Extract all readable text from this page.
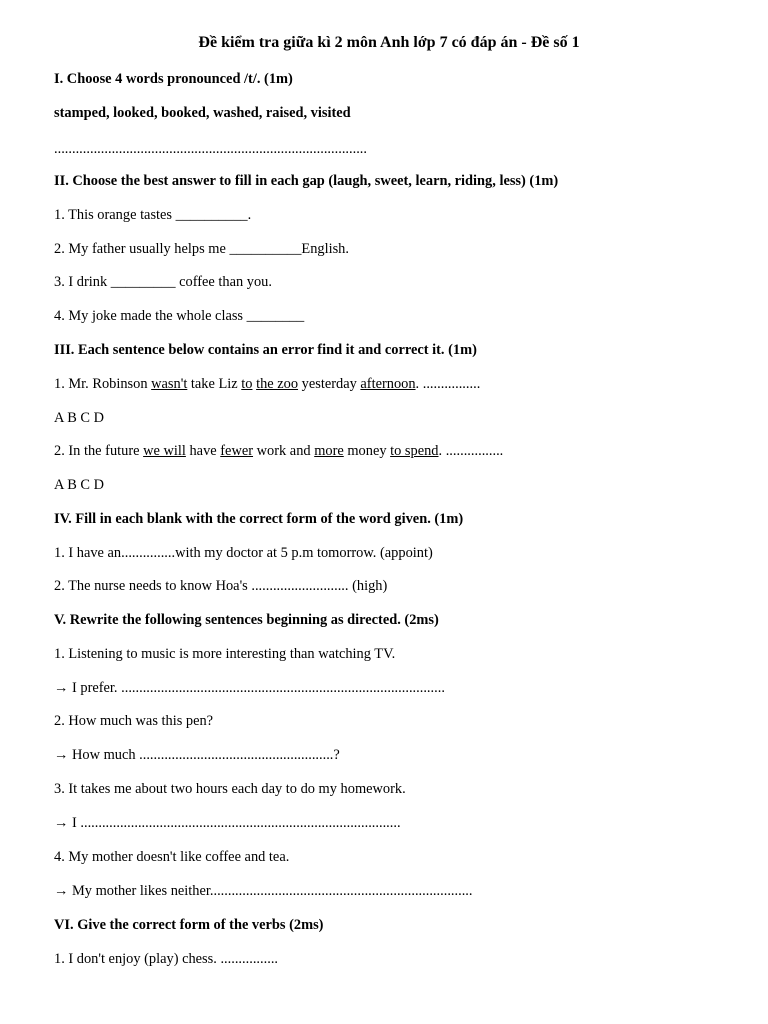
Đề kiểm tra giữa kì 2 môn Anh lớp 7 có đáp án - Đề số 1
I. Choose 4 words pronounced /t/. (1m)
stamped, looked, booked, washed, raised, visited
.......................................................................................
II. Choose the best answer to fill in each gap (laugh, sweet, learn, riding, less) (1m)
1. This orange tastes __________.
2. My father usually helps me __________English.
3. I drink _________ coffee than you.
4. My joke made the whole class ________
III. Each sentence below contains an error find it and correct it. (1m)
1. Mr. Robinson wasn't take Liz to the zoo yesterday afternoon. ................
A B C D
2. In the future we will have fewer work and more money to spend. ................
A B C D
IV. Fill in each blank with the correct form of the word given. (1m)
1. I have an...............with my doctor at 5 p.m tomorrow. (appoint)
2. The nurse needs to know Hoa's ........................... (high)
V. Rewrite the following sentences beginning as directed. (2ms)
1. Listening to music is more interesting than watching TV.
→ I prefer. ..........................................................................................
2. How much was this pen?
→ How much ......................................................?
3. It takes me about two hours each day to do my homework.
→ I .........................................................................................
4. My mother doesn't like coffee and tea.
→ My mother likes neither.........................................................................
VI. Give the correct form of the verbs (2ms)
1. I don't enjoy (play) chess. ................
